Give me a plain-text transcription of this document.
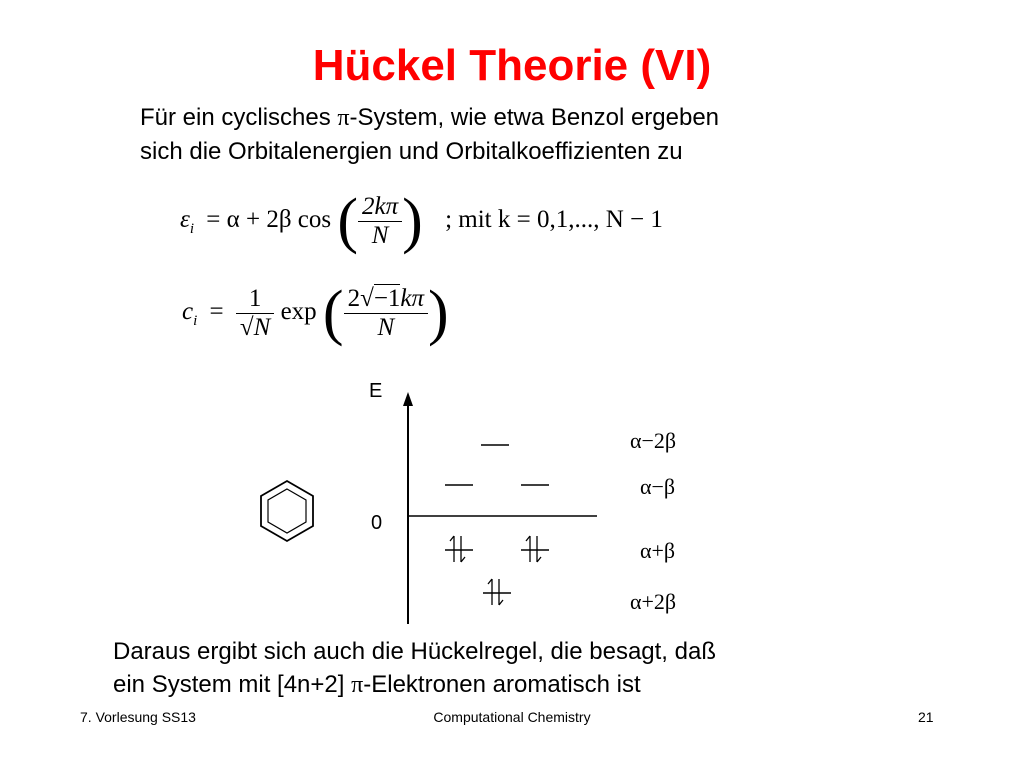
Hückel Theorie (VI)
Für ein cyclisches π-System, wie etwa Benzol ergeben
sich die Orbitalenergien und Orbitalkoeffizienten zu
$\varepsilon_i = \alpha + 2\beta$ cos ( $\frac{2k\pi}{N}$ ) ; mit k = 0,1,..., N − 1
$c_i = \frac{1}{√N}$ exp ( $\frac{2√-1k\pi}{N}$ )
E
0
α−2β
α−β
α+β
α+2β
Daraus ergibt sich auch die Hückelregel, die besagt, daß
ein System mit [4n+2] π-Elektronen aromatisch ist
7. Vorlesung SS13	Computational Chemistry	21
